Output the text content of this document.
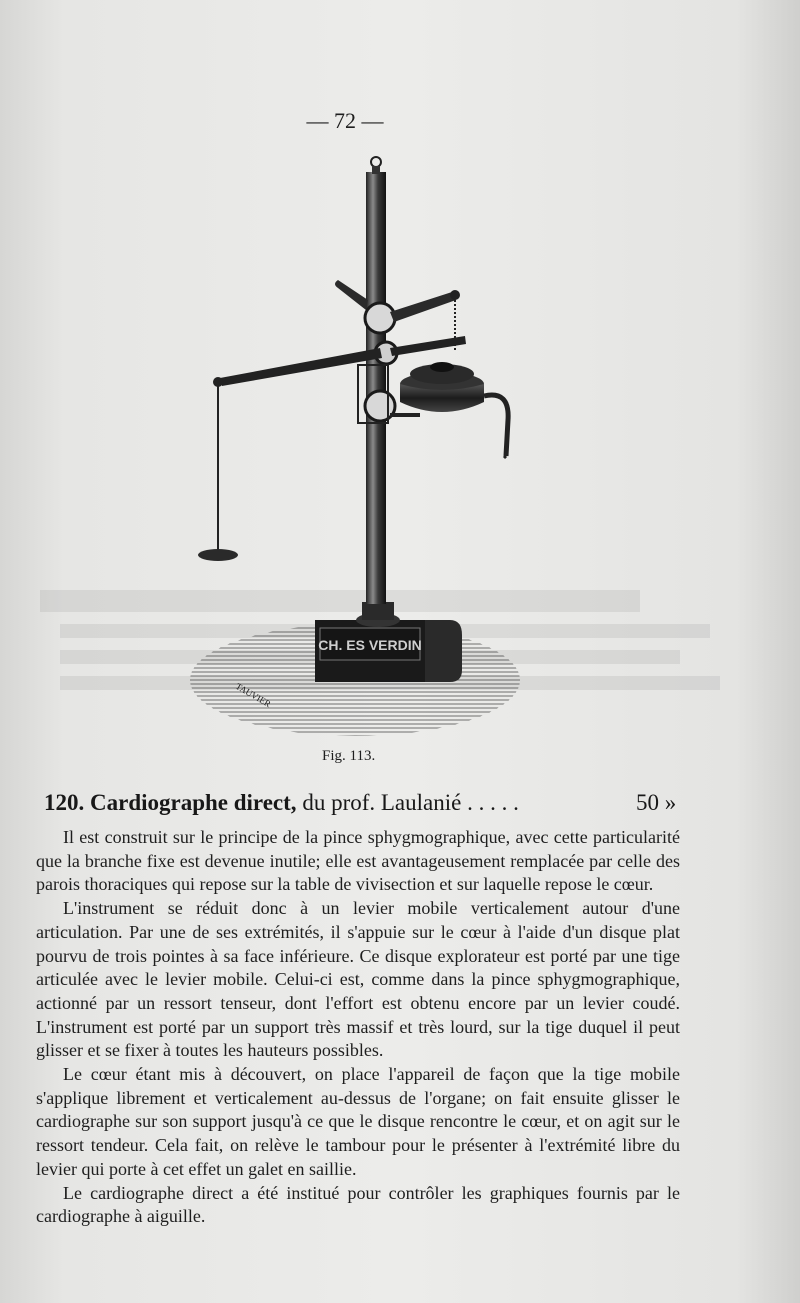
— 72 —
CH. ES VERDIN
TAUVIER
Fig. 113.
120. Cardiographe direct, du prof. Laulanié . . . . .	50 »

Il est construit sur le principe de la pince sphygmographique, avec cette particularité que la branche fixe est devenue inutile; elle est avantageusement remplacée par celle des parois thoraciques qui repose sur la table de vivisection et sur laquelle repose le cœur.

L'instrument se réduit donc à un levier mobile verticalement autour d'une articulation. Par une de ses extrémités, il s'appuie sur le cœur à l'aide d'un disque plat pourvu de trois pointes à sa face inférieure. Ce disque explorateur est porté par une tige articulée avec le levier mobile. Celui-ci est, comme dans la pince sphygmographique, actionné par un ressort tenseur, dont l'effort est obtenu encore par un levier coudé. L'instrument est porté par un support très massif et très lourd, sur la tige duquel il peut glisser et se fixer à toutes les hauteurs possibles.

Le cœur étant mis à découvert, on place l'appareil de façon que la tige mobile s'applique librement et verticalement au-dessus de l'organe; on fait ensuite glisser le cardiographe sur son support jusqu'à ce que le disque rencontre le cœur, et on agit sur le ressort tendeur. Cela fait, on relève le tambour pour le présenter à l'extrémité libre du levier qui porte à cet effet un galet en saillie.

Le cardiographe direct a été institué pour contrôler les graphiques fournis par le cardiographe à aiguille.
